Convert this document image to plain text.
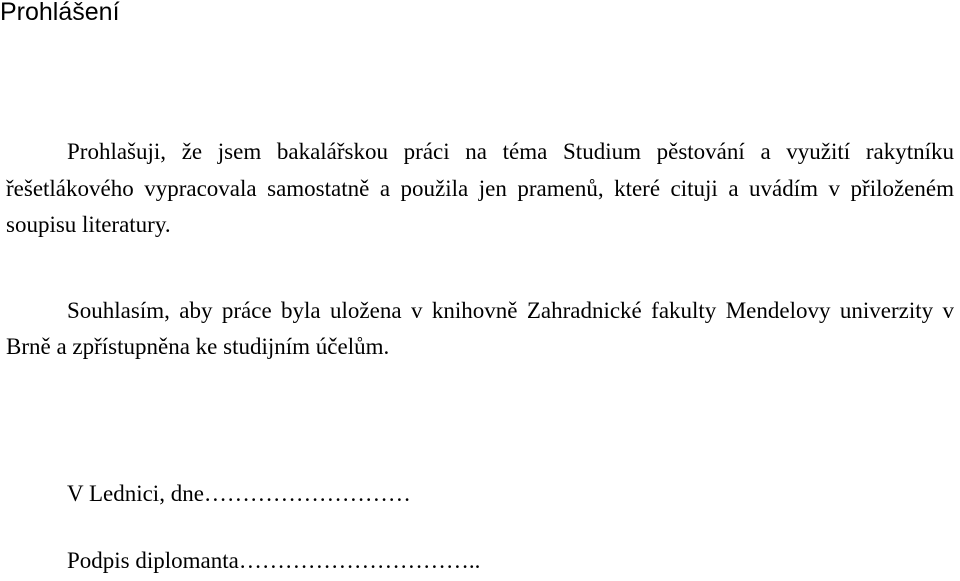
Prohlášení

Prohlašuji, že jsem bakalářskou práci na téma Studium pěstování a využití rakytníku řešetlákového vypracovala samostatně a použila jen pramenů, které cituji a uvádím v přiloženém soupisu literatury.

Souhlasím, aby práce byla uložena v knihovně Zahradnické fakulty Mendelovy univerzity v Brně a zpřístupněna ke studijním účelům.

V Lednici, dne………………………
Podpis diplomanta…………………………..
